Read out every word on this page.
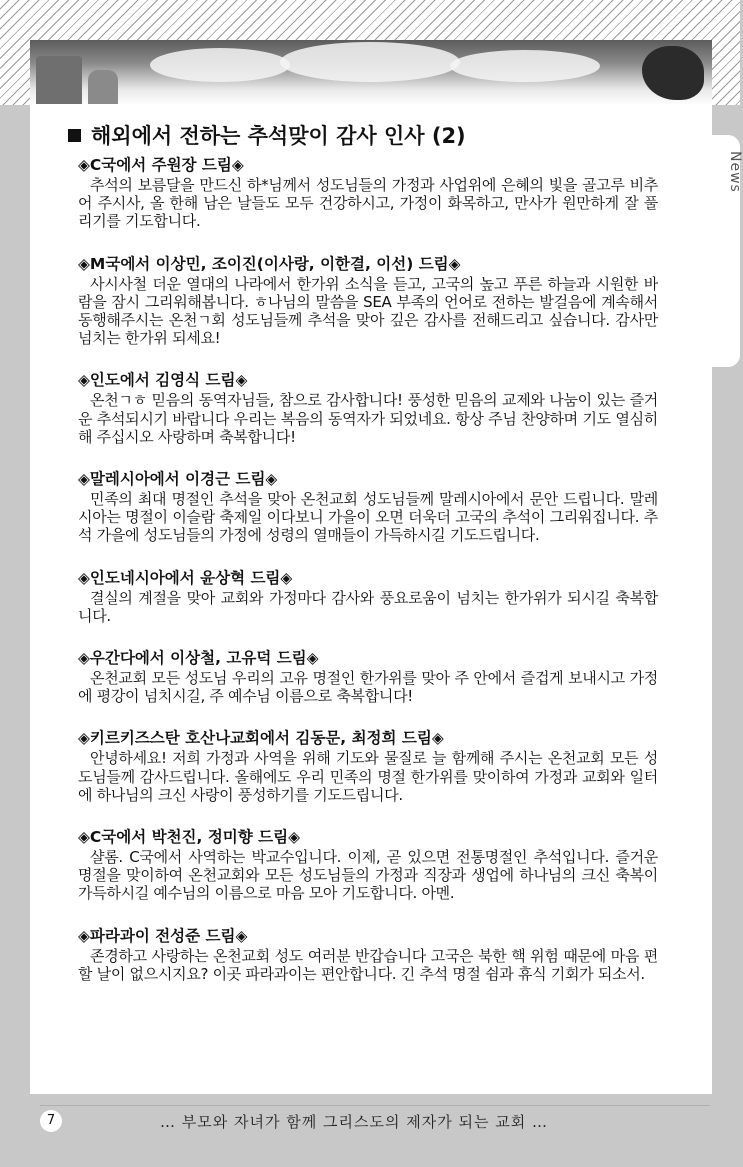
News
해외에서 전하는 추석맞이 감사 인사 (2)
◈C국에서 주원장 드림◈

추석의 보름달을 만드신 하*님께서 성도님들의 가정과 사업위에 은혜의 빛을 골고루 비추어 주시사, 올 한해 남은 날들도 모두 건강하시고, 가정이 화목하고, 만사가 원만하게 잘 풀리기를 기도합니다.

◈M국에서 이상민, 조이진(이사랑, 이한결, 이선) 드림◈

사시사철 더운 열대의 나라에서 한가위 소식을 듣고, 고국의 높고 푸른 하늘과 시원한 바람을 잠시 그리워해봅니다. ㅎ나님의 말씀을 SEA 부족의 언어로 전하는 발걸음에 계속해서 동행해주시는 온천ㄱ회 성도님들께 추석을 맞아 깊은 감사를 전해드리고 싶습니다. 감사만 넘치는 한가위 되세요!

◈인도에서 김영식 드림◈

온천ㄱㅎ 믿음의 동역자님들, 참으로 감사합니다! 풍성한 믿음의 교제와 나눔이 있는 즐거운 추석되시기 바랍니다 우리는 복음의 동역자가 되었네요. 항상 주님 찬양하며 기도 열심히 해 주십시오 사랑하며 축복합니다!

◈말레시아에서 이경근 드림◈

민족의 최대 명절인 추석을 맞아 온천교회 성도님들께 말레시아에서 문안 드립니다. 말레시아는 명절이 이슬람 축제일 이다보니 가을이 오면 더욱더 고국의 추석이 그리워집니다. 추석 가을에 성도님들의 가정에 성령의 열매들이 가득하시길 기도드립니다.

◈인도네시아에서 윤상혁 드림◈

결실의 계절을 맞아 교회와 가정마다 감사와 풍요로움이 넘치는 한가위가 되시길 축복합니다.

◈우간다에서 이상철, 고유덕 드림◈

온천교회 모든 성도님 우리의 고유 명절인 한가위를 맞아 주 안에서 즐겁게 보내시고 가정에 평강이 넘치시길, 주 예수님 이름으로 축복합니다!

◈키르키즈스탄 호산나교회에서 김동문, 최정희 드림◈

안녕하세요! 저희 가정과 사역을 위해 기도와 물질로 늘 함께해 주시는 온천교회 모든 성도님들께 감사드립니다. 올해에도 우리 민족의 명절 한가위를 맞이하여 가정과 교회와 일터에 하나님의 크신 사랑이 풍성하기를 기도드립니다.

◈C국에서 박천진, 정미향 드림◈

샬롬. C국에서 사역하는 박교수입니다. 이제, 곧 있으면 전통명절인 추석입니다. 즐거운 명절을 맞이하여 온천교회와 모든 성도님들의 가정과 직장과 생업에 하나님의 크신 축복이 가득하시길 예수님의 이름으로 마음 모아 기도합니다. 아멘.

◈파라과이 전성준 드림◈

존경하고 사랑하는 온천교회 성도 여러분 반갑습니다 고국은 북한 핵 위험 때문에 마음 편할 날이 없으시지요? 이곳 파라과이는 편안합니다. 긴 추석 명절 쉼과 휴식 기회가 되소서.

7	… 부모와 자녀가 함께 그리스도의 제자가 되는 교회 …
